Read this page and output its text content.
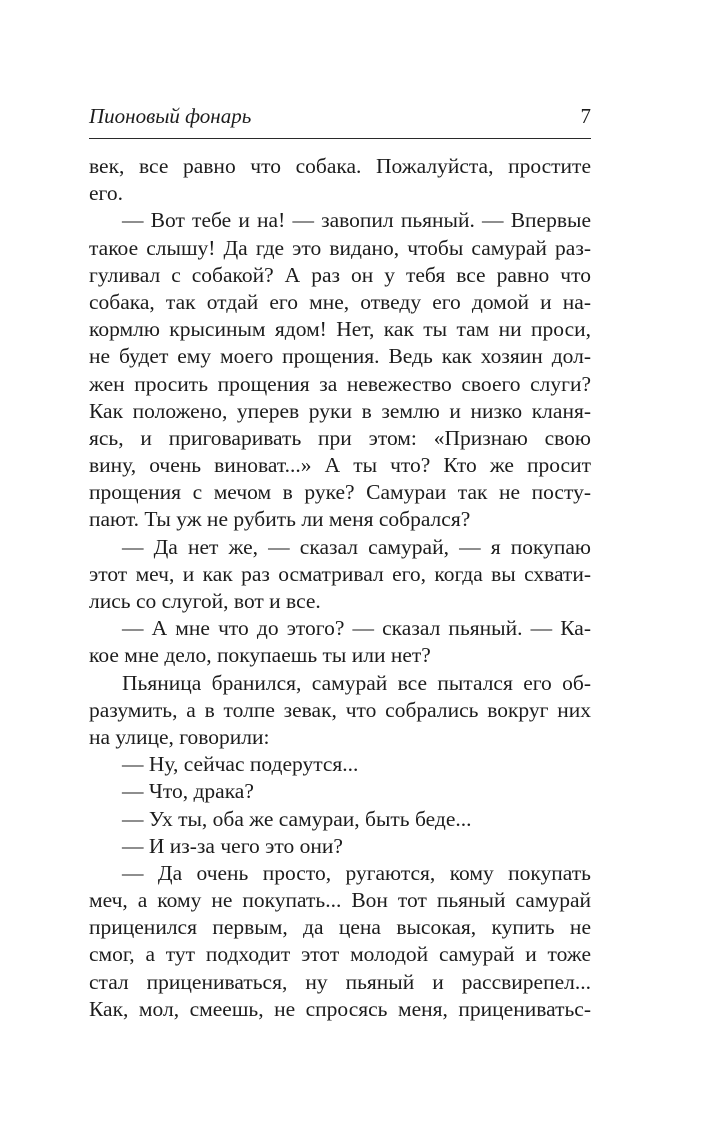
Пионовый фонарь	7
век, все равно что собака. Пожалуйста, простите
его.
— Вот тебе и на! — завопил пьяный. — Впервые
такое слышу! Да где это видано, чтобы самурай раз-
гуливал с собакой? А раз он у тебя все равно что
собака, так отдай его мне, отведу его домой и на-
кормлю крысиным ядом! Нет, как ты там ни проси,
не будет ему моего прощения. Ведь как хозяин дол-
жен просить прощения за невежество своего слуги?
Как положено, уперев руки в землю и низко кланя-
ясь, и приговаривать при этом: «Признаю свою
вину, очень виноват...» А ты что? Кто же просит
прощения с мечом в руке? Самураи так не посту-
пают. Ты уж не рубить ли меня собрался?
— Да нет же, — сказал самурай, — я покупаю
этот меч, и как раз осматривал его, когда вы схвати-
лись со слугой, вот и все.
— А мне что до этого? — сказал пьяный. — Ка-
кое мне дело, покупаешь ты или нет?
Пьяница бранился, самурай все пытался его об-
разумить, а в толпе зевак, что собрались вокруг них
на улице, говорили:
— Ну, сейчас подерутся...
— Что, драка?
— Ух ты, оба же самураи, быть беде...
— И из-за чего это они?
— Да очень просто, ругаются, кому покупать
меч, а кому не покупать... Вон тот пьяный самурай
приценился первым, да цена высокая, купить не
смог, а тут подходит этот молодой самурай и тоже
стал прицениваться, ну пьяный и рассвирепел...
Как, мол, смеешь, не спросясь меня, прицениватьс-
